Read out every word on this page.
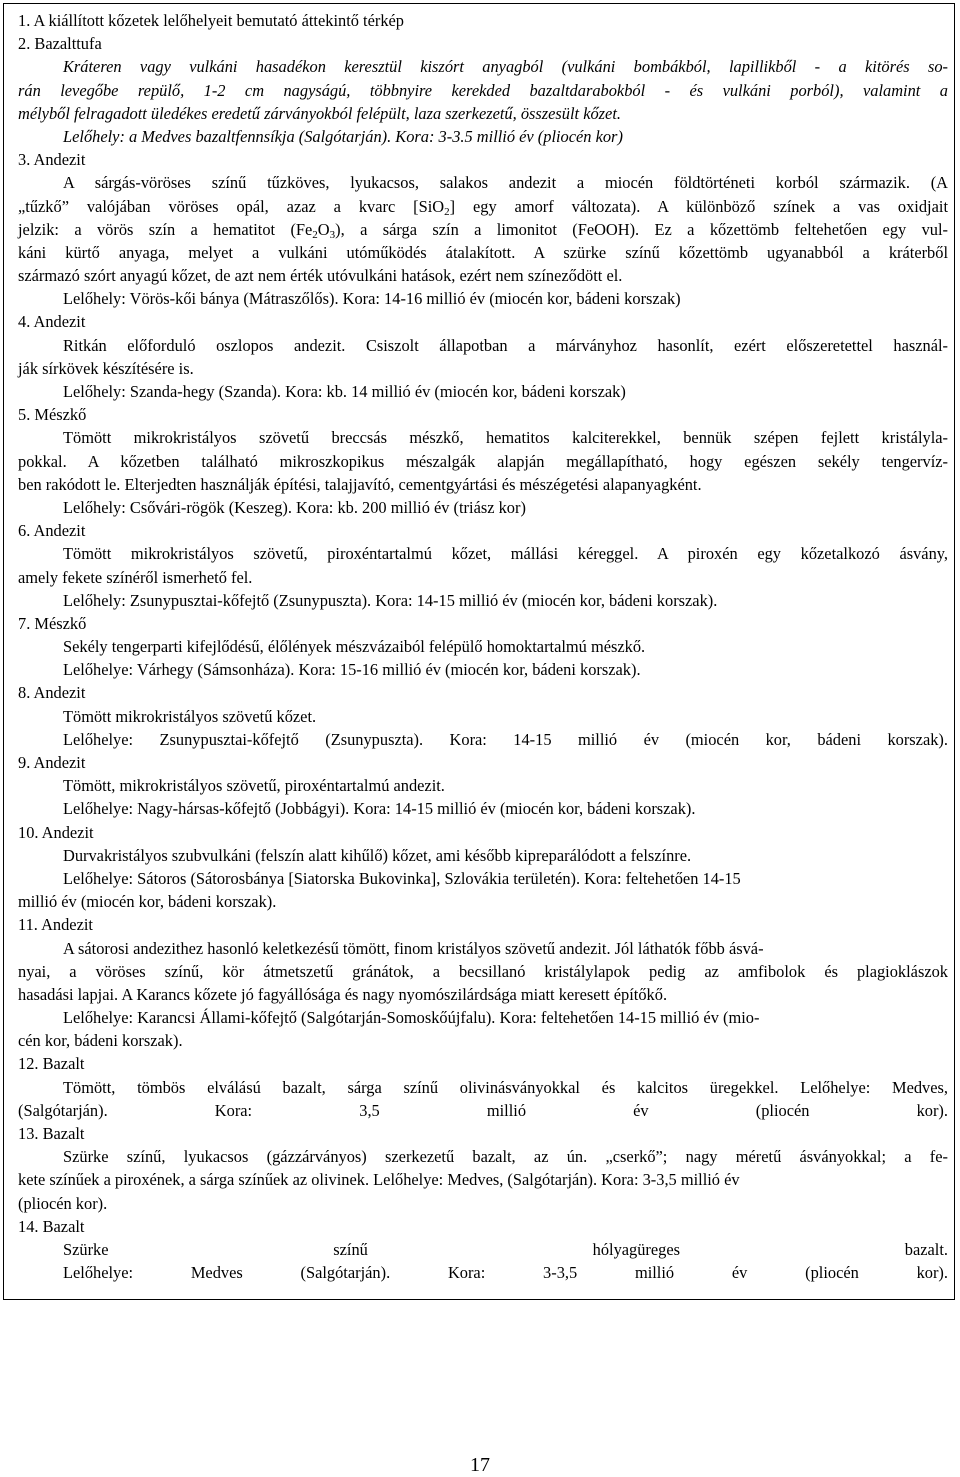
1. A kiállított kőzetek lelőhelyeit bemutató áttekintő térkép
2. Bazalttufa
Kráteren vagy vulkáni hasadékon keresztül kiszórt anyagból (vulkáni bombákból, lapillikből - a kitörés so-
rán levegőbe repülő, 1-2 cm nagyságú, többnyire kerekded bazaltdarabokból - és vulkáni porból), valamint a
mélyből felragadott üledékes eredetű zárványokból felépült, laza szerkezetű, összesült kőzet.
Lelőhely: a Medves bazaltfennsíkja (Salgótarján). Kora: 3-3.5 millió év (pliocén kor)
3. Andezit
A sárgás-vöröses színű tűzköves, lyukacsos, salakos andezit a miocén földtörténeti korból származik. (A
„tűzkő” valójában vöröses opál, azaz a kvarc [SiO$_2$] egy amorf változata). A különböző színek a vas oxidjait
jelzik: a vörös szín a hematitot $(Fe_2O_3)$, a sárga szín a limonitot (FeOOH). Ez a kőzettömb feltehetően egy vul-
káni kürtő anyaga, melyet a vulkáni utóműködés átalakított. A szürke színű kőzettömb ugyanabból a kráterből
származó szórt anyagú kőzet, de azt nem érték utóvulkáni hatások, ezért nem színeződött el.
Lelőhely: Vörös-kői bánya (Mátraszőlős). Kora: 14-16 millió év (miocén kor, bádeni korszak)
4. Andezit
Ritkán előforduló oszlopos andezit. Csiszolt állapotban a márványhoz hasonlít, ezért előszeretettel használ-
ják sírkövek készítésére is.
Lelőhely: Szanda-hegy (Szanda). Kora: kb. 14 millió év (miocén kor, bádeni korszak)
5. Mészkő
Tömött mikrokristályos szövetű breccsás mészkő, hematitos kalciterekkel, bennük szépen fejlett kristályla-
pokkal. A kőzetben található mikroszkopikus mészalgák alapján megállapítható, hogy egészen sekély tengervíz-
ben rakódott le. Elterjedten használják építési, talajjavító, cementgyártási és mészégetési alapanyagként.
Lelőhely: Csővári-rögök (Keszeg). Kora: kb. 200 millió év (triász kor)
6. Andezit
Tömött mikrokristályos szövetű, piroxéntartalmú kőzet, mállási kéreggel. A piroxén egy kőzetalkozó ásvány,
amely fekete színéről ismerhető fel.
Lelőhely: Zsunypusztai-kőfejtő (Zsunypuszta). Kora: 14-15 millió év (miocén kor, bádeni korszak).
7. Mészkő
Sekély tengerparti kifejlődésű, élőlények mészvázaiból felépülő homoktartalmú mészkő.
Lelőhelye: Várhegy (Sámsonháza). Kora: 15-16 millió év (miocén kor, bádeni korszak).
8. Andezit
Tömött mikrokristályos szövetű kőzet.
Lelőhelye: Zsunypusztai-kőfejtő (Zsunypuszta). Kora: 14-15 millió év (miocén kor, bádeni korszak).
9. Andezit
Tömött, mikrokristályos szövetű, piroxéntartalmú andezit.
Lelőhelye: Nagy-hársas-kőfejtő (Jobbágyi). Kora: 14-15 millió év (miocén kor, bádeni korszak).
10. Andezit
Durvakristályos szubvulkáni (felszín alatt kihűlő) kőzet, ami később kipreparálódott a felszínre.
Lelőhelye: Sátoros (Sátorosbánya [Siatorska Bukovinka], Szlovákia területén). Kora: feltehetően 14-15
millió év (miocén kor, bádeni korszak).
11. Andezit
A sátorosi andezithez hasonló keletkezésű tömött, finom kristályos szövetű andezit. Jól láthatók főbb ásvá-
nyai, a vöröses színű, kör átmetszetű gránátok, a becsillanó kristálylapok pedig az amfibolok és plagioklászok
hasadási lapjai. A Karancs kőzete jó fagyállósága és nagy nyomószilárdsága miatt keresett építőkő.
Lelőhelye: Karancsi Állami-kőfejtő (Salgótarján-Somoskőújfalu). Kora: feltehetően 14-15 millió év (mio-
cén kor, bádeni korszak).
12. Bazalt
Tömött, tömbös elválású bazalt, sárga színű olivinásványokkal és kalcitos üregekkel. Lelőhelye: Medves,
(Salgótarján). Kora: 3,5 millió év (pliocén kor).
13. Bazalt
Szürke színű, lyukacsos (gázzárványos) szerkezetű bazalt, az ún. „cserkő”; nagy méretű ásványokkal; a fe-
kete színűek a piroxének, a sárga színűek az olivinek. Lelőhelye: Medves, (Salgótarján). Kora: 3-3,5 millió év
(pliocén kor).
14. Bazalt
Szürke színű hólyagüreges bazalt.
Lelőhelye: Medves (Salgótarján). Kora: 3-3,5 millió év (pliocén kor).
17
